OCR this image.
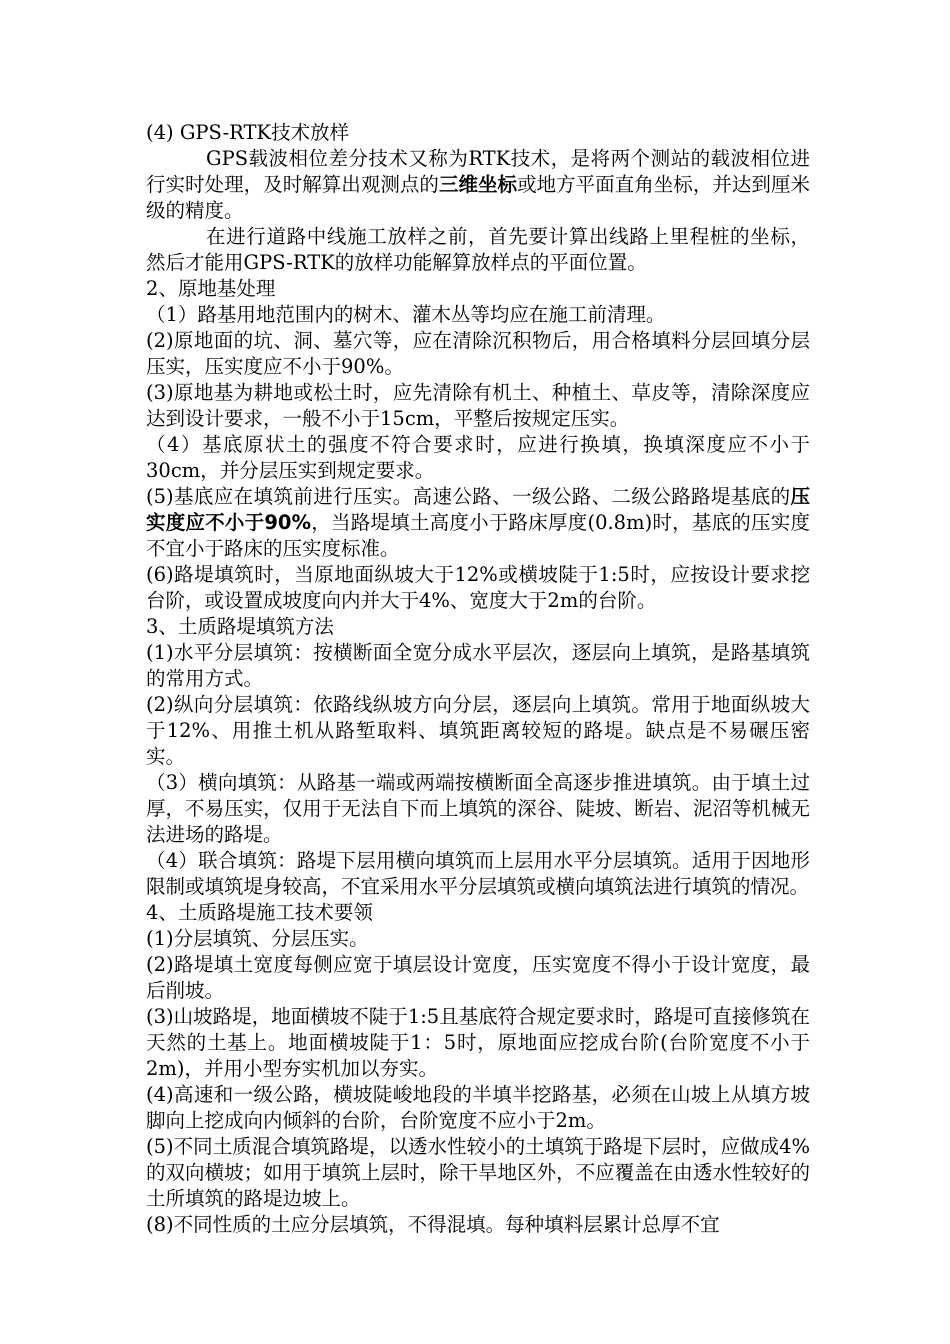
(4) GPS-RTK技术放样

GPS载波相位差分技术又称为RTK技术，是将两个测站的载波相位进行实时处理，及时解算出观测点的三维坐标或地方平面直角坐标，并达到厘米级的精度。

在进行道路中线施工放样之前，首先要计算出线路上里程桩的坐标，然后才能用GPS-RTK的放样功能解算放样点的平面位置。

2、原地基处理

（1）路基用地范围内的树木、灌木丛等均应在施工前清理。

(2)原地面的坑、洞、墓穴等，应在清除沉积物后，用合格填料分层回填分层压实，压实度应不小于90%。

(3)原地基为耕地或松土时，应先清除有机土、种植土、草皮等，清除深度应达到设计要求，一般不小于15cm，平整后按规定压实。

（4）基底原状土的强度不符合要求时，应进行换填，换填深度应不小于30cm，并分层压实到规定要求。

(5)基底应在填筑前进行压实。高速公路、一级公路、二级公路路堤基底的压实度应不小于90%，当路堤填土高度小于路床厚度(0.8m)时，基底的压实度不宜小于路床的压实度标准。

(6)路堤填筑时，当原地面纵坡大于12%或横坡陡于1:5时，应按设计要求挖台阶，或设置成坡度向内并大于4%、宽度大于2m的台阶。

3、土质路堤填筑方法

(1)水平分层填筑：按横断面全宽分成水平层次，逐层向上填筑，是路基填筑的常用方式。

(2)纵向分层填筑：依路线纵坡方向分层，逐层向上填筑。常用于地面纵坡大于12%、用推土机从路堑取料、填筑距离较短的路堤。缺点是不易碾压密实。

（3）横向填筑：从路基一端或两端按横断面全高逐步推进填筑。由于填土过厚，不易压实，仅用于无法自下而上填筑的深谷、陡坡、断岩、泥沼等机械无法进场的路堤。

（4）联合填筑：路堤下层用横向填筑而上层用水平分层填筑。适用于因地形限制或填筑堤身较高，不宜采用水平分层填筑或横向填筑法进行填筑的情况。

4、土质路堤施工技术要领

(1)分层填筑、分层压实。

(2)路堤填土宽度每侧应宽于填层设计宽度，压实宽度不得小于设计宽度，最后削坡。

(3)山坡路堤，地面横坡不陡于1:5且基底符合规定要求时，路堤可直接修筑在天然的土基上。地面横坡陡于1：5时，原地面应挖成台阶(台阶宽度不小于2m)，并用小型夯实机加以夯实。

(4)高速和一级公路，横坡陡峻地段的半填半挖路基，必须在山坡上从填方坡脚向上挖成向内倾斜的台阶，台阶宽度不应小于2m。

(5)不同土质混合填筑路堤，以透水性较小的土填筑于路堤下层时，应做成4%的双向横坡；如用于填筑上层时，除干旱地区外，不应覆盖在由透水性较好的土所填筑的路堤边坡上。

(8)不同性质的土应分层填筑，不得混填。每种填料层累计总厚不宜
